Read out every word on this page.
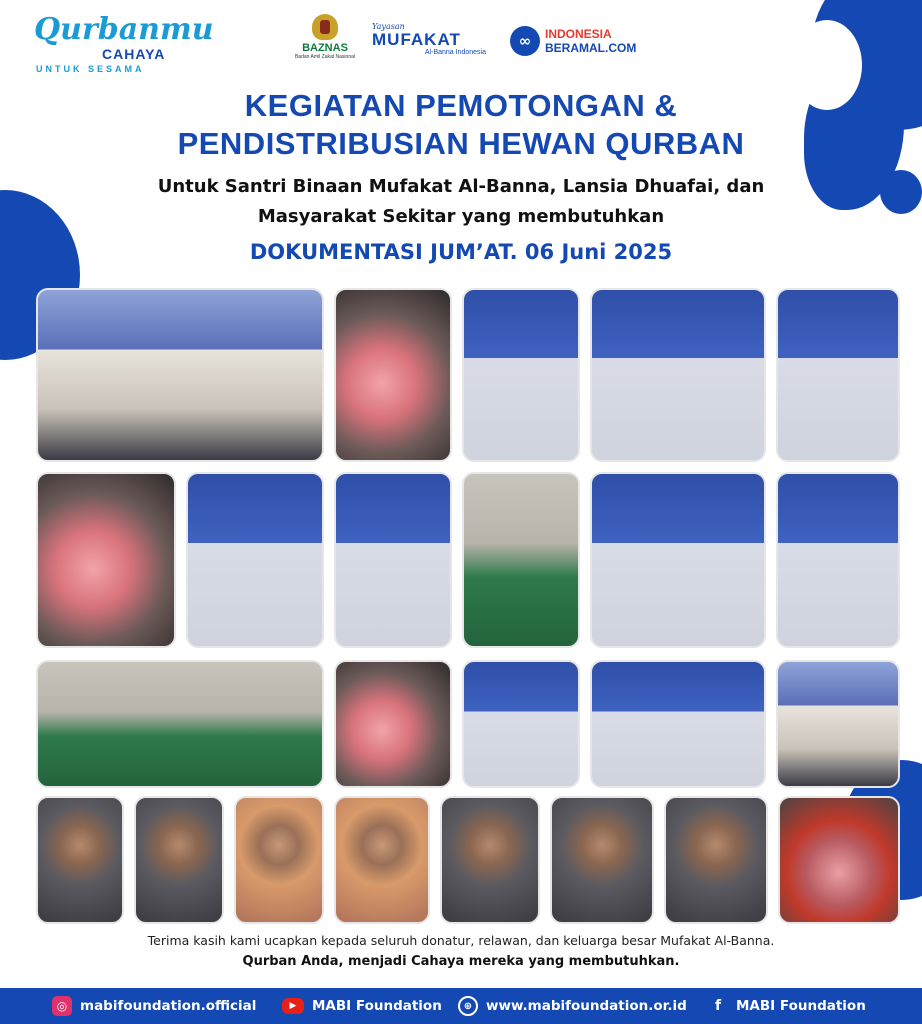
Qurbanmu
CAHAYA
UNTUK SESAMA
BAZNAS
Badan Amil Zakat Nasional
Yayasan
MUFAKAT
Al-Banna Indonesia
∞	INDONESIA
BERAMAL.COM
KEGIATAN PEMOTONGAN &
PENDISTRIBUSIAN HEWAN QURBAN
Untuk Santri Binaan Mufakat Al-Banna, Lansia Dhuafai, dan
Masyarakat Sekitar yang membutuhkan
DOKUMENTASI JUM’AT. 06 Juni 2025
Terima kasih kami ucapkan kepada seluruh donatur, relawan, dan keluarga besar Mufakat Al-Banna.
Qurban Anda, menjadi Cahaya mereka yang membutuhkan.
◎ mabifoundation.official	▶	MABI Foundation	⊕	www.mabifoundation.or.id	f	MABI Foundation
